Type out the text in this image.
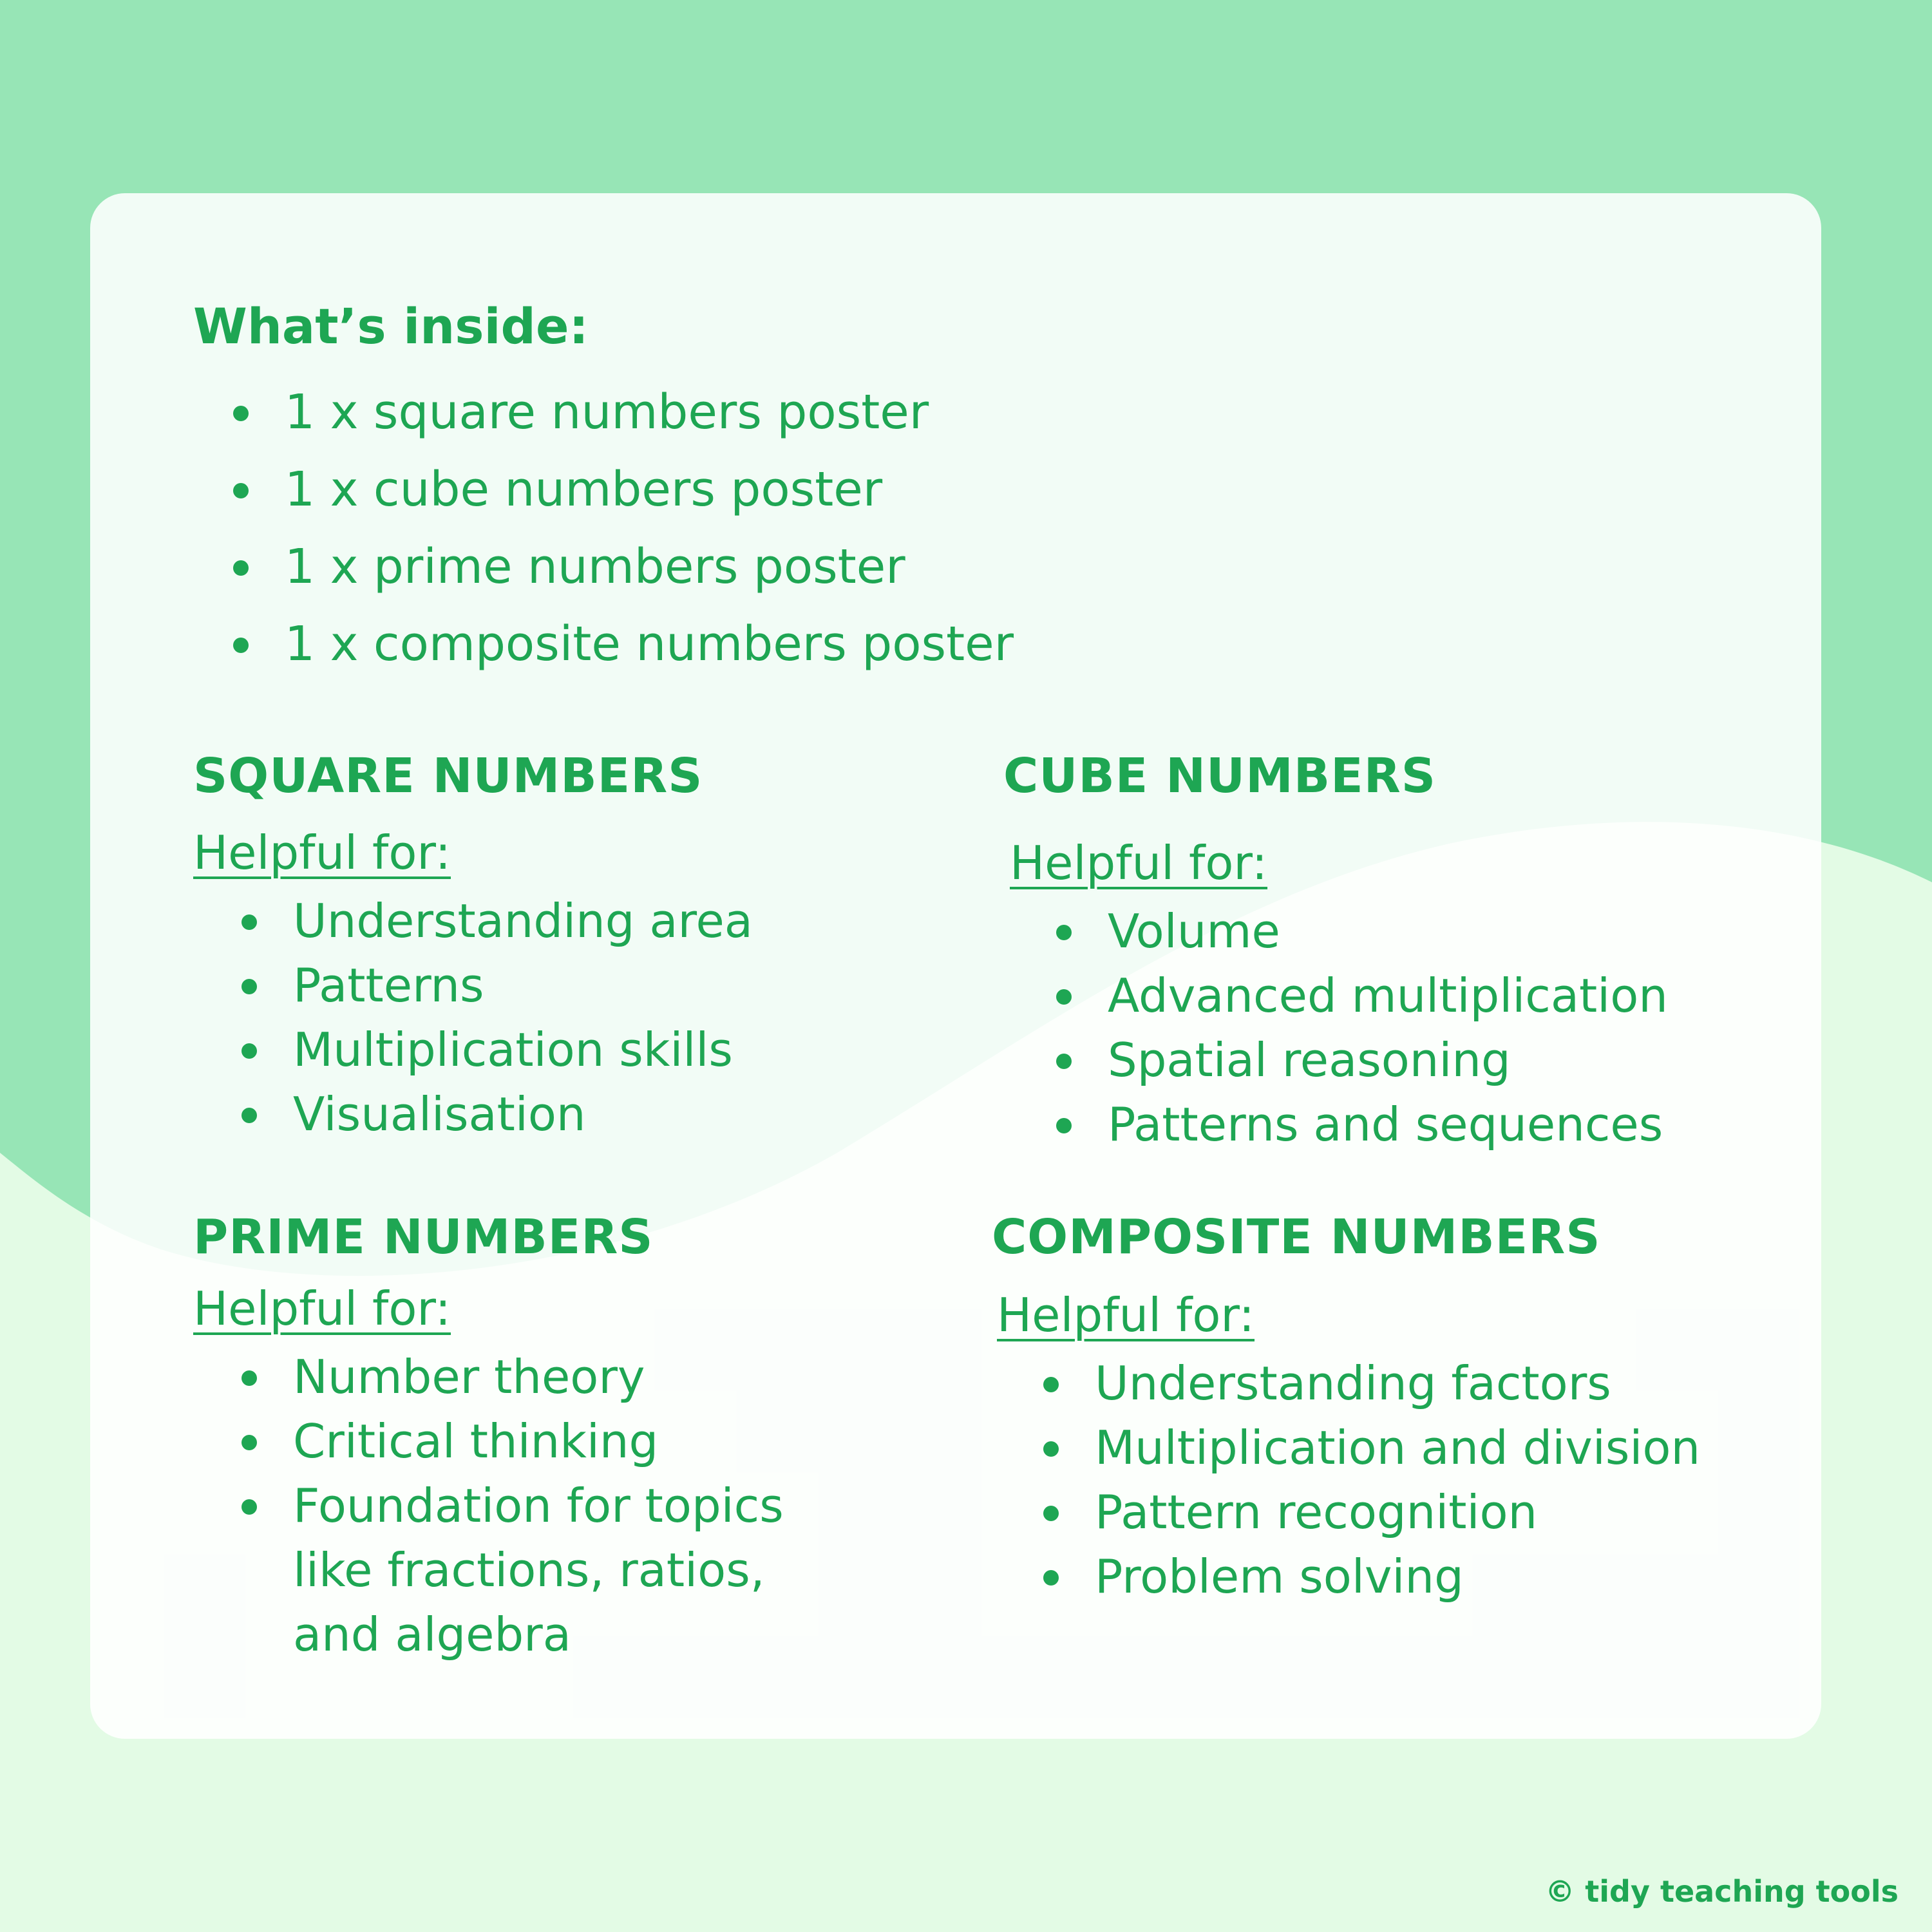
What’s inside:
1 x square numbers poster
1 x cube numbers poster
1 x prime numbers poster
1 x composite numbers poster
SQUARE NUMBERS
Helpful for:
Understanding area
Patterns
Multiplication skills
Visualisation
CUBE NUMBERS
Helpful for:
Volume
Advanced multiplication
Spatial reasoning
Patterns and sequences
PRIME NUMBERS
Helpful for:
Number theory
Critical thinking
Foundation for topics like fractions, ratios, and algebra
COMPOSITE NUMBERS
Helpful for:
Understanding factors
Multiplication and division
Pattern recognition
Problem solving
© tidy teaching tools
